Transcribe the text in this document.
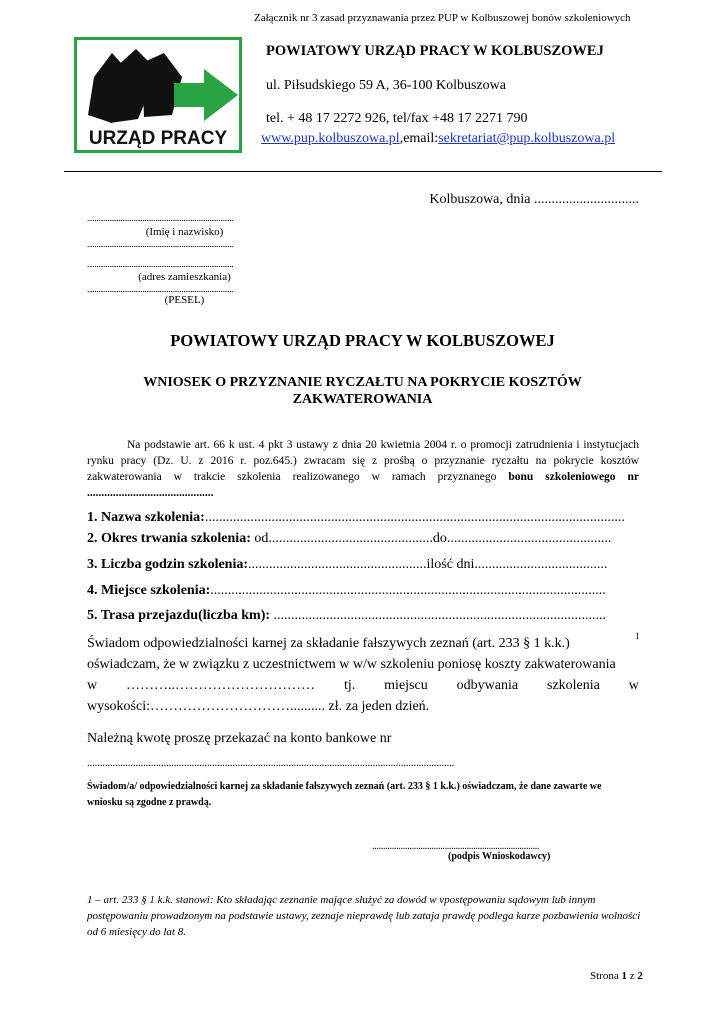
Załącznik nr 3 zasad przyznawania przez PUP w Kolbuszowej bonów szkoleniowych
URZĄD PRACY
POWIATOWY URZĄD PRACY W KOLBUSZOWEJ
ul. Piłsudskiego 59 A, 36-100 Kolbuszowa
tel. + 48 17 2272 926, tel/fax +48 17 2271 790
www.pup.kolbuszowa.pl,email:sekretariat@pup.kolbuszowa.pl
Kolbuszowa, dnia ..............................
...............................................................................
(Imię i nazwisko)
...............................................................................
...............................................................................
(adres zamieszkania)
...............................................................................
(PESEL)
POWIATOWY URZĄD PRACY W KOLBUSZOWEJ
WNIOSEK O PRZYZNANIE RYCZAŁTU NA POKRYCIE KOSZTÓW ZAKWATEROWANIA
Na podstawie art. 66 k ust. 4 pkt 3 ustawy z dnia 20 kwietnia 2004 r. o promocji zatrudnienia i instytucjach rynku pracy (Dz. U. z 2016 r. poz.645.) zwracam się z prośbą o przyznanie ryczałtu na pokrycie kosztów zakwaterowania w trakcie szkolenia realizowanego w ramach przyznanego bonu szkoleniowego nr ............................................
1. Nazwa szkolenia:........................................................................................................................
2. Okres trwania szkolenia: od...............................................do...............................................
3. Liczba godzin szkolenia:...................................................ilość dni......................................
4. Miejsce szkolenia:.................................................................................................................
5. Trasa przejazdu(liczba km): ...............................................................................................
Świadom odpowiedzialności karnej za składanie fałszywych zeznań (art. 233 § 1 k.k.)
oświadczam, że w związku z uczestnictwem w w/w szkoleniu poniosę koszty zakwaterowania
w ………..………………………… tj. miejscu odbywania szkolenia w
wysokości:………………………….......... zł. za jeden dzień.
1
Należną kwotę proszę przekazać na konto bankowe nr
................................................................................................................................................
Świadom/a/ odpowiedzialności karnej za składanie fałszywych zeznań (art. 233 § 1 k.k.) oświadczam, że dane zawarte we wniosku są zgodne z prawdą.
............................................................................
(podpis Wnioskodawcy)
1 – art. 233 § 1 k.k. stanowi: Kto składając zeznanie mające służyć za dowód w vpostępowaniu sądowym lub innym postępowaniu prowadzonym na podstawie ustawy, zeznaje nieprawdę lub zataja prawdę podlega karze pozbawienia wolności od 6 miesięcy do lat 8.
Strona 1 z 2
